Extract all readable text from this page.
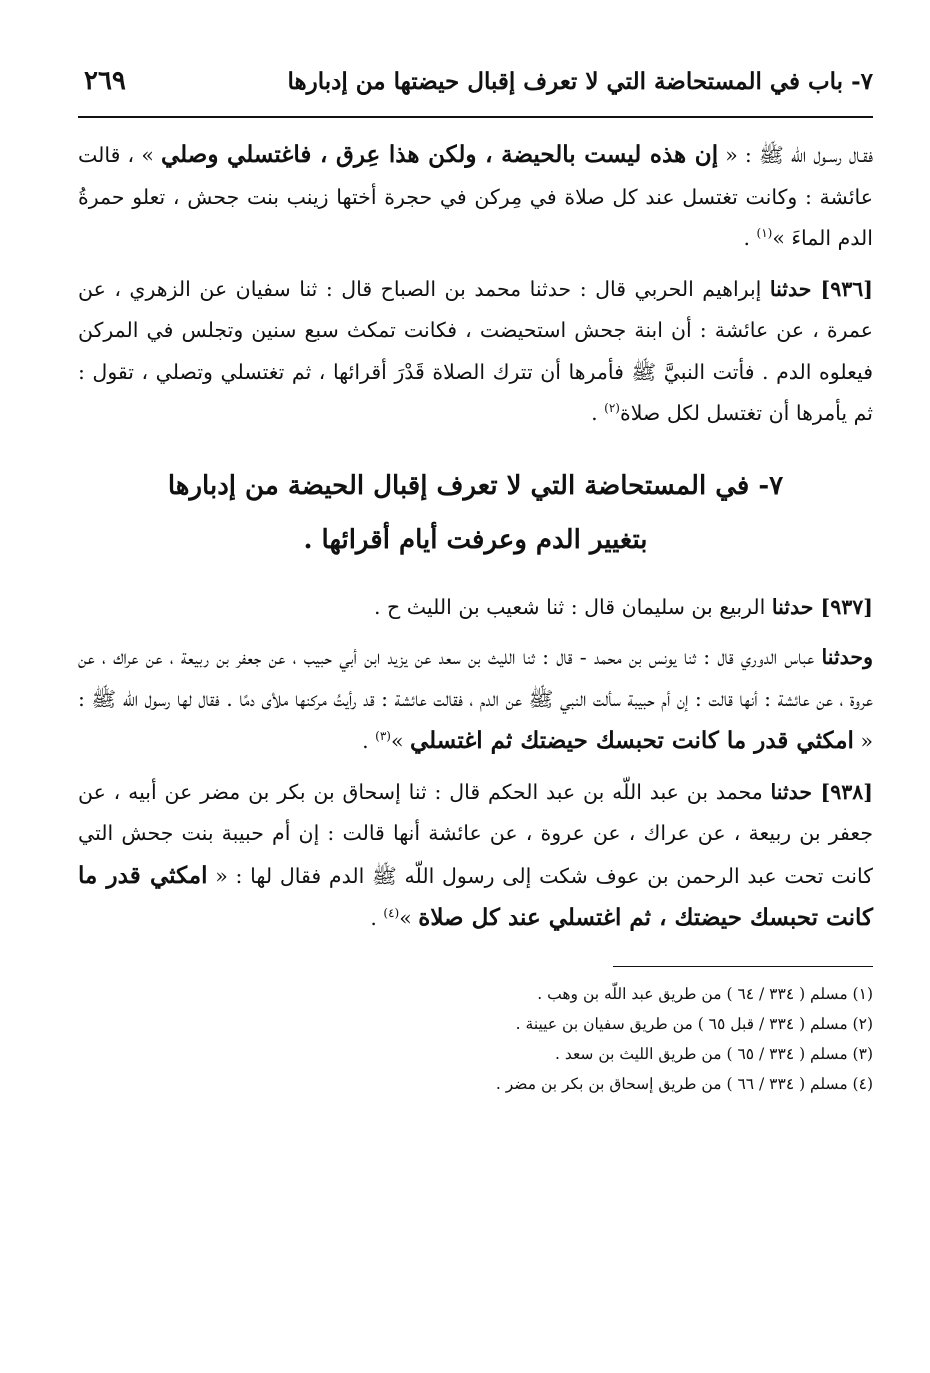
٧- باب في المستحاضة التي لا تعرف إقبال حيضتها من إدبارها
٢٦٩

فقـال رسـول اللّه ﷺ : « إن هذه ليست بالحيضة ، ولكن هذا عِرق ، فاغتسلي وصلي » ، قالت عائشة : وكانت تغتسل عند كل صلاة في مِركن في حجرة أختها زينب بنت جحش ، تعلو حمرةُ الدم الماءَ »$^{(١)}$ .

[٩٣٦] حدثنا إبراهيم الحربي قال : حدثنا محمد بن الصباح قال : ثنا سفيان عن الزهري ، عن عمرة ، عن عائشة : أن ابنة جحش استحيضت ، فكانت تمكث سبع سنين وتجلس في المركن فيعلوه الدم . فأتت النبيَّ ﷺ فأمرها أن تترك الصلاة قَدْرَ أقرائها ، ثم تغتسلي وتصلي ، تقول : ثم يأمرها أن تغتسل لكل صلاة$^{(٢)}$ .

٧- في المستحاضة التي لا تعرف إقبال الحيضة من إدبارها
بتغيير الدم وعرفت أيام أقرائها .

[٩٣٧] حدثنا الربيع بن سليمان قال : ثنا شعيب بن الليث ح .

وحدثنا عباس الدوري قال : ثنا يونس بن محمد - قال : ثنا الليث بن سعد عن يزيد ابن أبي حبيب ، عن جعفر بن ربيعة ، عن عراك ، عن عروة ، عن عائشة : أنها قالت : إن أم حبيبة سألت النبي ﷺ عن الدم ، فقالت عائشة : قد رأيتُ مركنها ملأى دمًا . فقال لها رسول اللّه ﷺ : « امكثي قدر ما كانت تحبسك حيضتك ثم اغتسلي »$^{(٣)}$ .

[٩٣٨] حدثنا محمد بن عبد اللّه بن عبد الحكم قال : ثنا إسحاق بن بكر بن مضر عن أبيه ، عن جعفر بن ربيعة ، عن عراك ، عن عروة ، عن عائشة أنها قالت : إن أم حبيبة بنت جحش التي كانت تحت عبد الرحمن بن عوف شكت إلى رسول اللّه ﷺ الدم فقال لها : « امكثي قدر ما كانت تحبسك حيضتك ، ثم اغتسلي عند كل صلاة »$^{(٤)}$ .

(١) مسلم ( ٣٣٤ / ٦٤ ) من طريق عبد اللّه بن وهب .

(٢) مسلم ( ٣٣٤ / قبل ٦٥ ) من طريق سفيان بن عيينة .

(٣) مسلم ( ٣٣٤ / ٦٥ ) من طريق الليث بن سعد .

(٤) مسلم ( ٣٣٤ / ٦٦ ) من طريق إسحاق بن بكر بن مضر .
